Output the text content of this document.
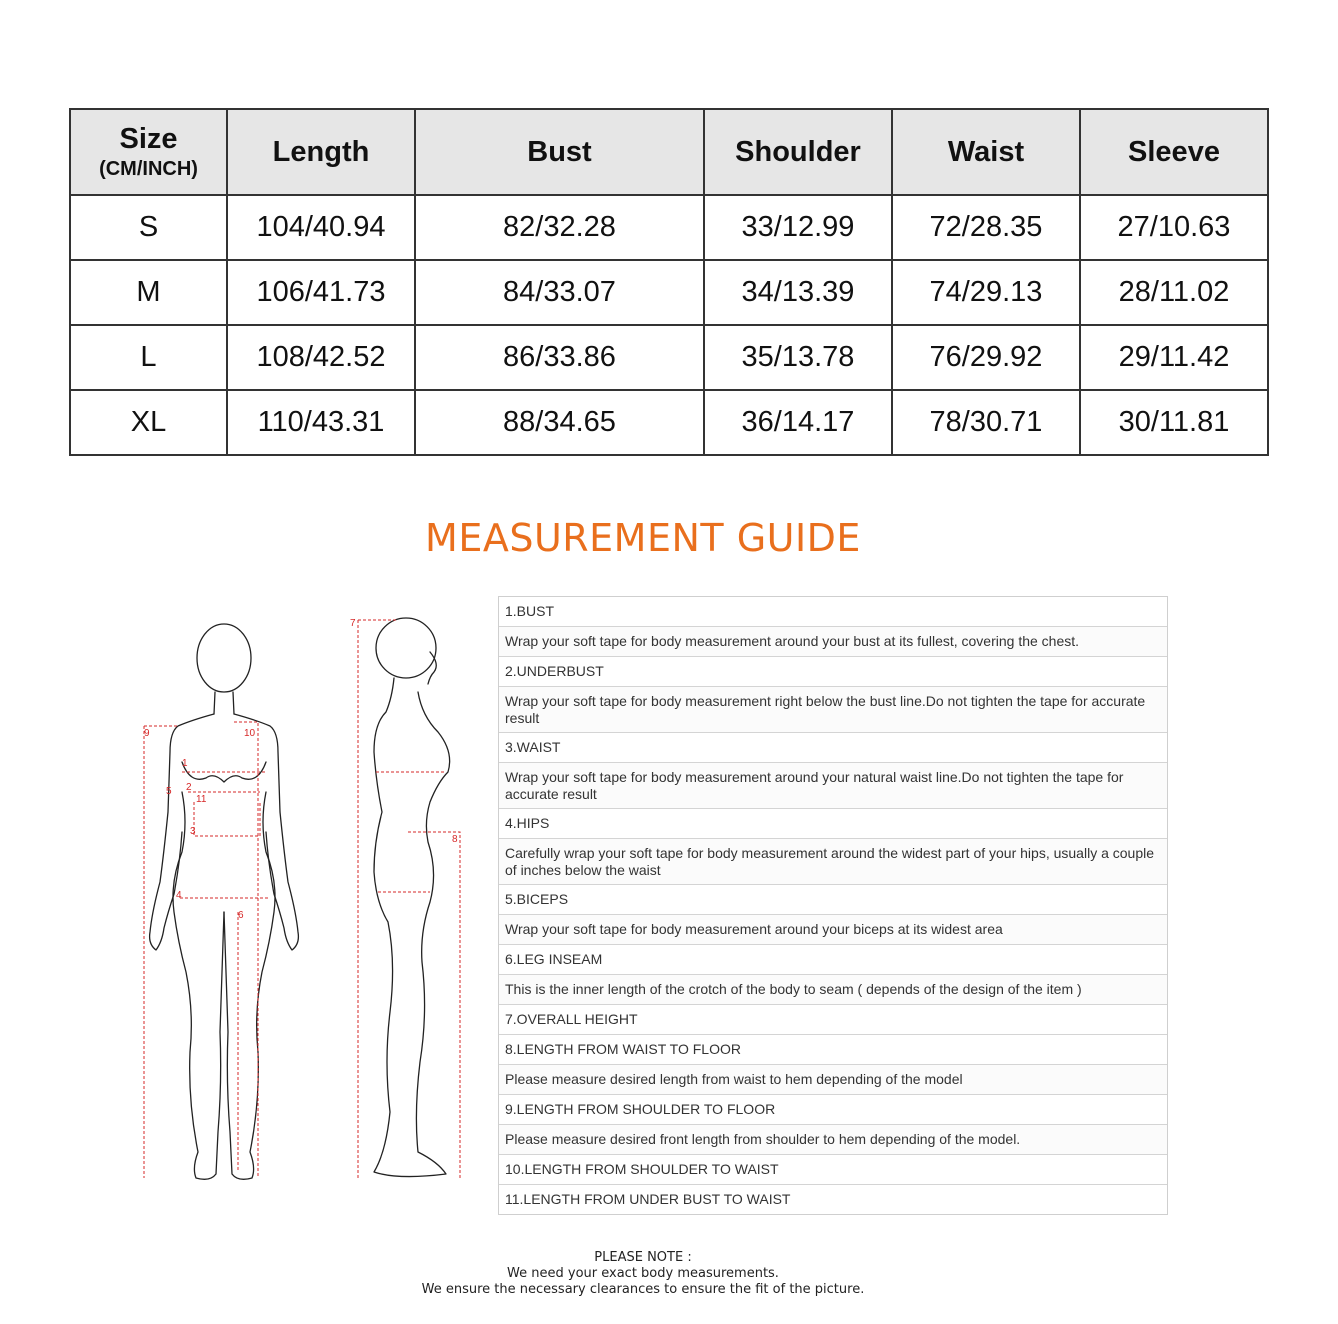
Size
(CM/INCH)	Length	Bust	Shoulder	Waist	Sleeve
S	104/40.94	82/32.28	33/12.99	72/28.35	27/10.63
M	106/41.73	84/33.07	34/13.39	74/29.13	28/11.02
L	108/42.52	86/33.86	35/13.78	76/29.92	29/11.42
XL	110/43.31	88/34.65	36/14.17	78/30.71	30/11.81
MEASUREMENT GUIDE
1
2
3
4
5
6
7
8
9	10
11
1.BUST
Wrap your soft tape for body measurement around your bust at its fullest, covering the chest.
2.UNDERBUST
Wrap your soft tape for body measurement right below the bust line.Do not tighten the tape for accurate result
3.WAIST
Wrap your soft tape for body measurement around your natural waist line.Do not tighten the tape for accurate result
4.HIPS
Carefully wrap your soft tape for body measurement around the widest part of your hips, usually a couple of inches below the waist
5.BICEPS
Wrap your soft tape for body measurement around your biceps at its widest area
6.LEG INSEAM
This is the inner length of the crotch of the body to seam ( depends of the design of the item )
7.OVERALL HEIGHT
8.LENGTH FROM WAIST TO FLOOR
Please measure desired length from waist to hem depending of the model
9.LENGTH FROM SHOULDER TO FLOOR
Please measure desired front length from shoulder to hem depending of the model.
10.LENGTH FROM SHOULDER TO WAIST
11.LENGTH FROM UNDER BUST TO WAIST
PLEASE NOTE :
We need your exact body measurements.
We ensure the necessary clearances to ensure the fit of the picture.
